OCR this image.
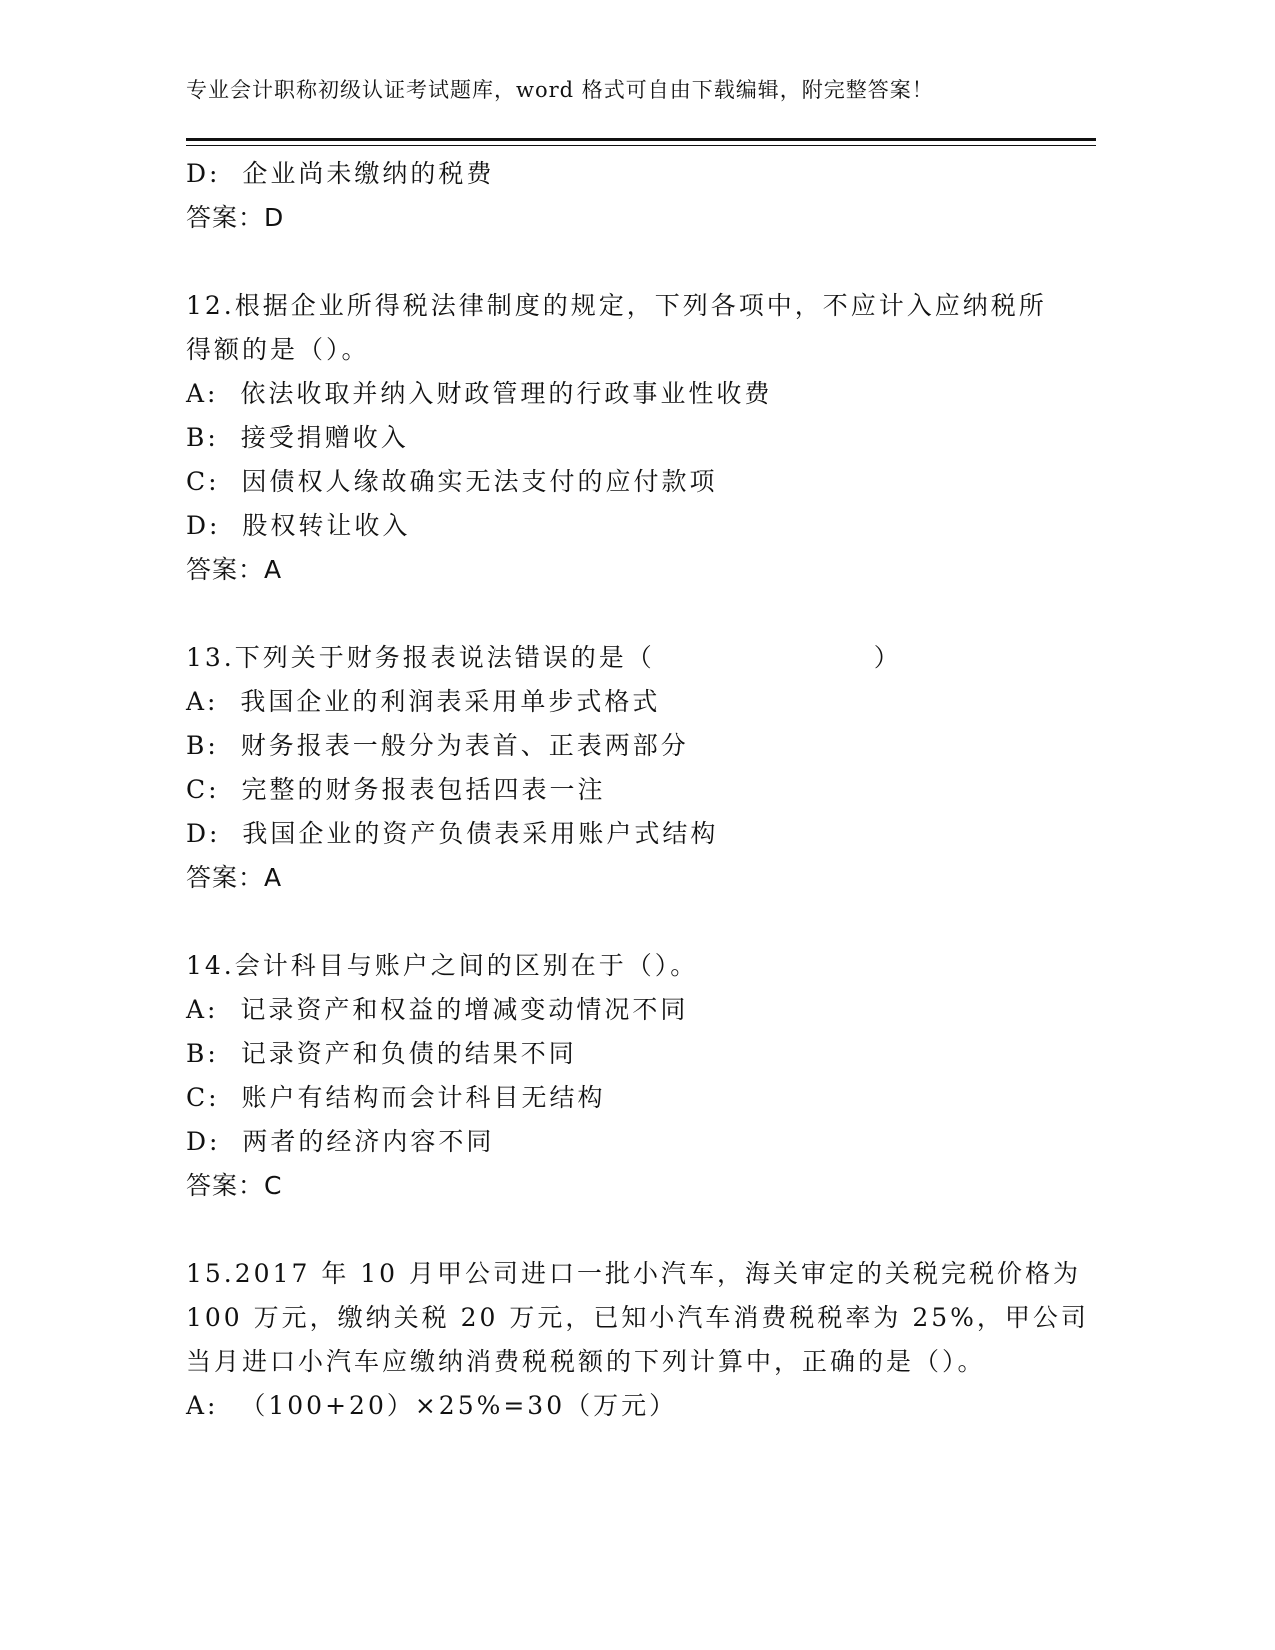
专业会计职称初级认证考试题库，word 格式可自由下载编辑，附完整答案！
D:  企业尚未缴纳的税费
答案：D
12.根据企业所得税法律制度的规定，下列各项中，不应计入应纳税所
得额的是（）。
A:  依法收取并纳入财政管理的行政事业性收费
B:  接受捐赠收入
C:  因债权人缘故确实无法支付的应付款项
D:  股权转让收入
答案：A
13.下列关于财务报表说法错误的是（                    ）
A:  我国企业的利润表采用单步式格式
B:  财务报表一般分为表首、正表两部分
C:  完整的财务报表包括四表一注
D:  我国企业的资产负债表采用账户式结构
答案：A
14.会计科目与账户之间的区别在于（）。
A:  记录资产和权益的增减变动情况不同
B:  记录资产和负债的结果不同
C:  账户有结构而会计科目无结构
D:  两者的经济内容不同
答案：C
15.2017 年 10 月甲公司进口一批小汽车，海关审定的关税完税价格为
100 万元，缴纳关税 20 万元，已知小汽车消费税税率为 25%，甲公司
当月进口小汽车应缴纳消费税税额的下列计算中，正确的是（）。
A:  （100+20）×25%=30（万元）
